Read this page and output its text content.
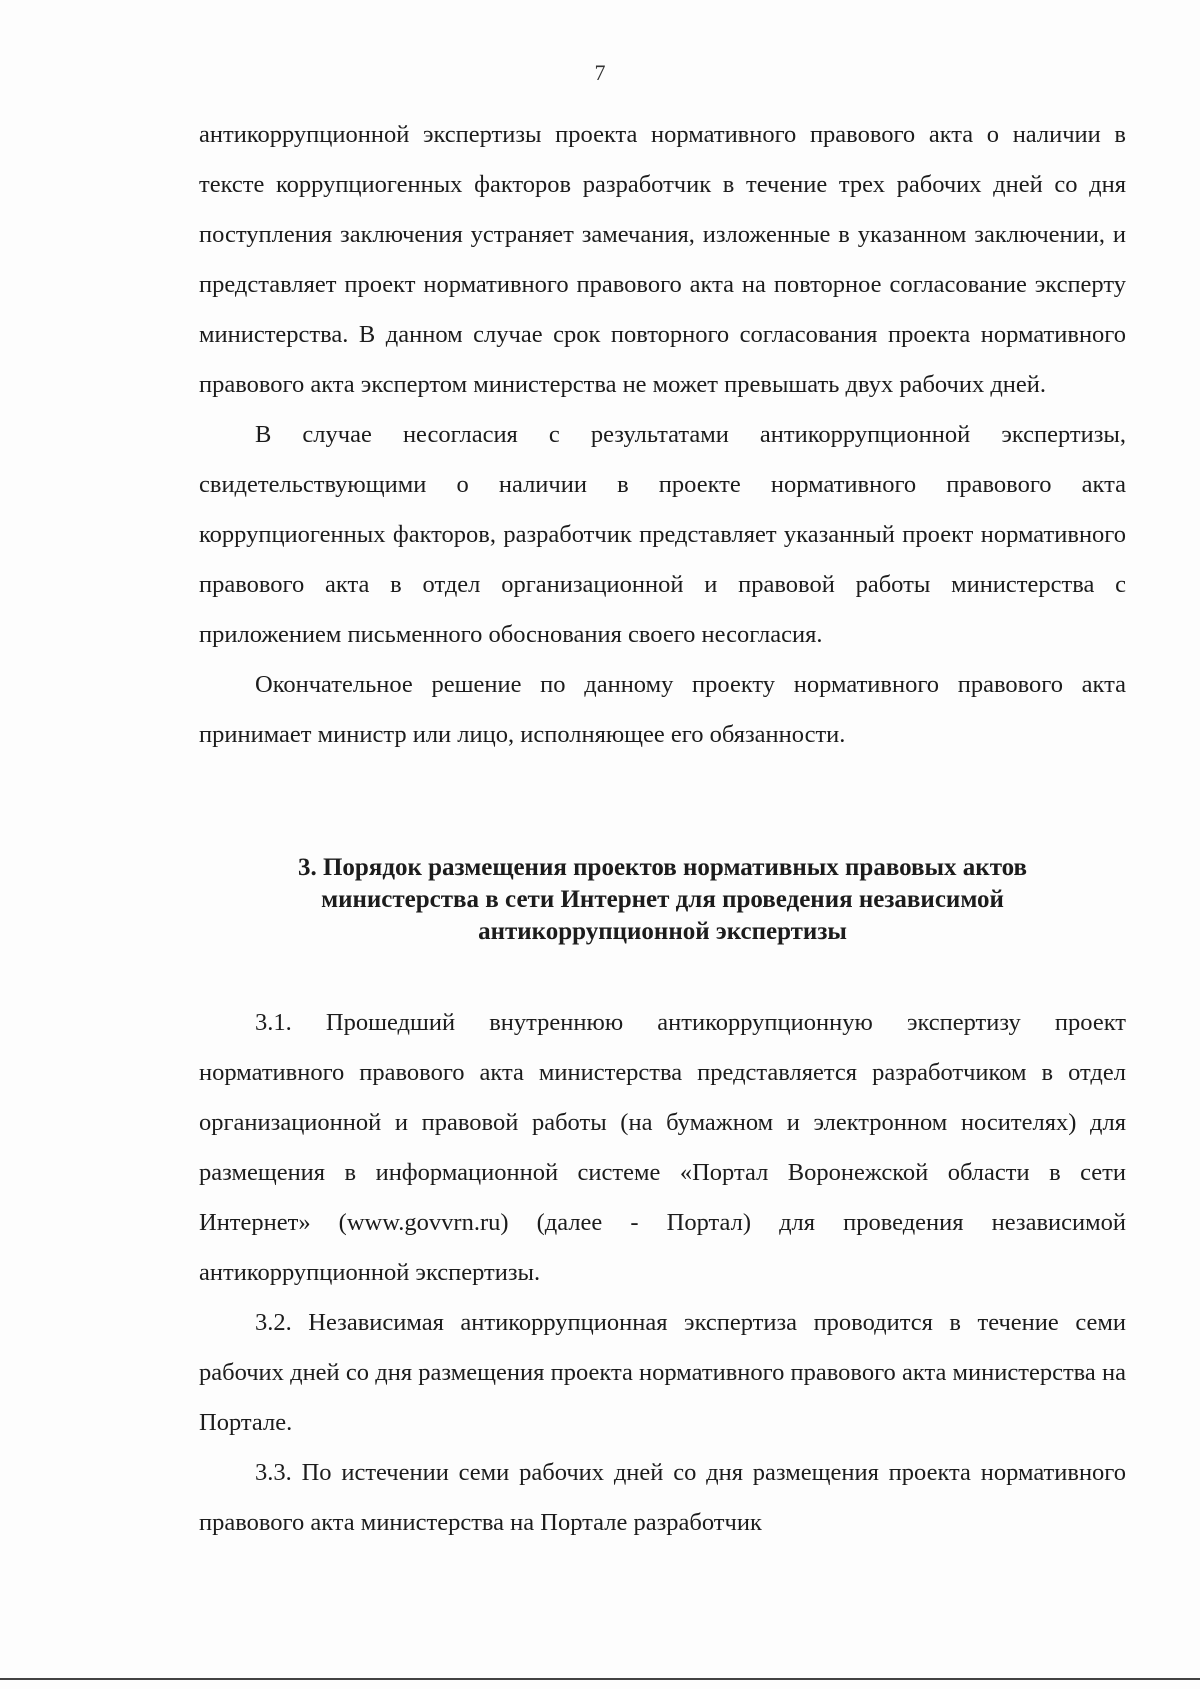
7

антикоррупционной экспертизы проекта нормативного правового акта о наличии в тексте коррупциогенных факторов разработчик в течение трех рабочих дней со дня поступления заключения устраняет замечания, изложенные в указанном заключении, и представляет проект нормативного правового акта на повторное согласование эксперту министерства. В данном случае срок повторного согласования проекта нормативного правового акта экспертом министерства не может превышать двух рабочих дней.

В случае несогласия с результатами антикоррупционной экспертизы, свидетельствующими о наличии в проекте нормативного правового акта коррупциогенных факторов, разработчик представляет указанный проект нормативного правового акта в отдел организационной и правовой работы министерства с приложением письменного обоснования своего несогласия.

Окончательное решение по данному проекту нормативного правового акта принимает министр или лицо, исполняющее его обязанности.

3. Порядок размещения проектов нормативных правовых актов
министерства в сети Интернет для проведения независимой
антикоррупционной экспертизы

3.1. Прошедший внутреннюю антикоррупционную экспертизу проект нормативного правового акта министерства представляется разработчиком в отдел организационной и правовой работы (на бумажном и электронном носителях) для размещения в информационной системе «Портал Воронежской области в сети Интернет» (www.govvrn.ru) (далее - Портал) для проведения независимой антикоррупционной экспертизы.

3.2. Независимая антикоррупционная экспертиза проводится в течение семи рабочих дней со дня размещения проекта нормативного правового акта министерства на Портале.

3.3. По истечении семи рабочих дней со дня размещения проекта нормативного правового акта министерства на Портале разработчик
